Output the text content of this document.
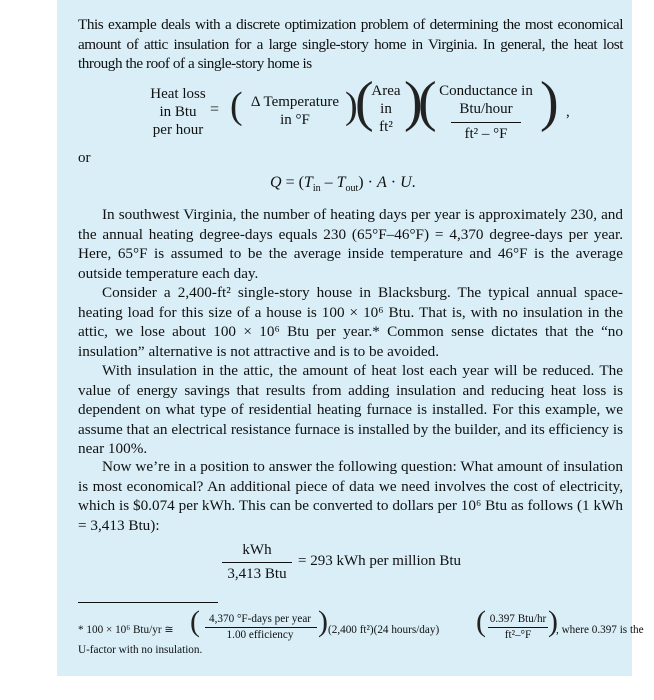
This example deals with a discrete optimization problem of determining the most economical amount of attic insulation for a large single-story home in Virginia. In general, the heat lost through the roof of a single-story home is

Heat loss
in Btu
per hour
= ( Δ Temperature
in °F )
(
Area
in
ft² )
( Conductance in
Btu/hour
ft² – °F
) ,
or
$Q = (T_{in} - T_{out}) \cdot A \cdot U$.

In southwest Virginia, the number of heating days per year is approximately 230, and the annual heating degree-days equals 230 (65°F–46°F) = 4,370 degree-days per year. Here, 65°F is assumed to be the average inside temperature and 46°F is the average outside temperature each day.

Consider a 2,400-ft² single-story house in Blacksburg. The typical annual space-heating load for this size of a house is 100 × 10⁶ Btu. That is, with no insulation in the attic, we lose about 100 × 10⁶ Btu per year.* Common sense dictates that the “no insulation” alternative is not attractive and is to be avoided.

With insulation in the attic, the amount of heat lost each year will be reduced. The value of energy savings that results from adding insulation and reducing heat loss is dependent on what type of residential heating furnace is installed. For this example, we assume that an electrical resistance furnace is installed by the builder, and its efficiency is near 100%.

Now we’re in a position to answer the following question: What amount of insulation is most economical? An additional piece of data we need involves the cost of electricity, which is $0.074 per kWh. This can be converted to dollars per 10⁶ Btu as follows (1 kWh = 3,413 Btu):

kWh
3,413 Btu
= 293 kWh per million Btu
* 100 × 10⁶ Btu/yr ≅ ( 4,370 °F-days per year
1.00 efficiency ) (2,400 ft²)(24 hours/day) ( 0.397 Btu/hr
ft²–°F )
, where 0.397 is the
U-factor with no insulation.
